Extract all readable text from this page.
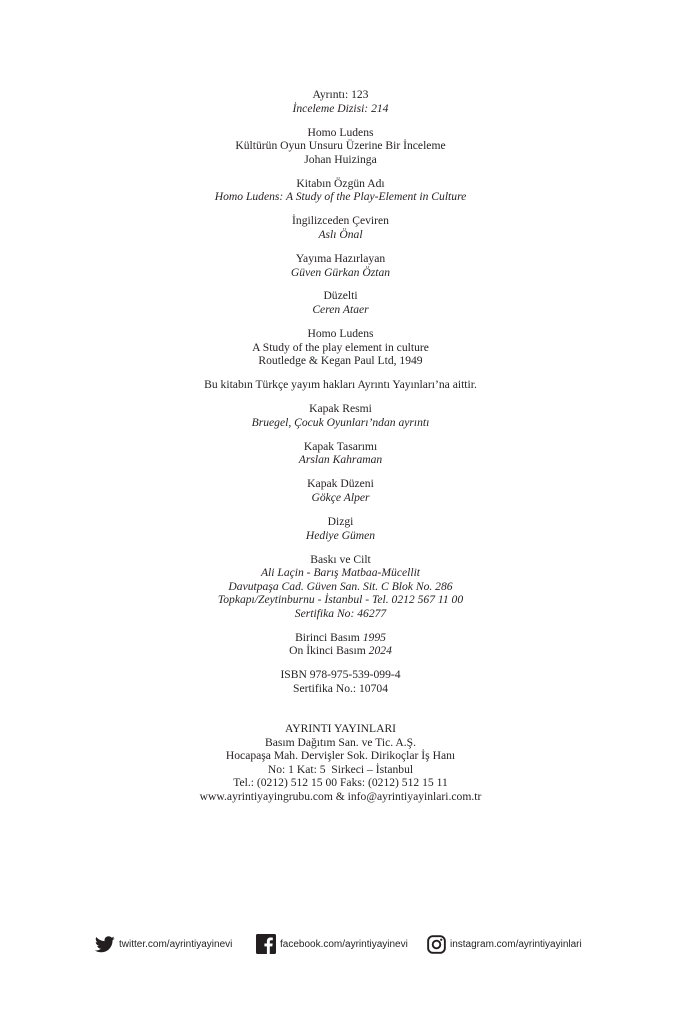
Ayrıntı: 123
İnceleme Dizisi: 214
Homo Ludens
Kültürün Oyun Unsuru Üzerine Bir İnceleme
Johan Huizinga
Kitabın Özgün Adı
Homo Ludens: A Study of the Play-Element in Culture
İngilizceden Çeviren
Aslı Önal
Yayıma Hazırlayan
Güven Gürkan Öztan
Düzelti
Ceren Ataer
Homo Ludens
A Study of the play element in culture
Routledge & Kegan Paul Ltd, 1949
Bu kitabın Türkçe yayım hakları Ayrıntı Yayınları’na aittir.
Kapak Resmi
Bruegel, Çocuk Oyunları’ndan ayrıntı
Kapak Tasarımı
Arslan Kahraman
Kapak Düzeni
Gökçe Alper
Dizgi
Hediye Gümen
Baskı ve Cilt
Ali Laçin - Barış Matbaa-Mücellit
Davutpaşa Cad. Güven San. Sit. C Blok No. 286
Topkapı/Zeytinburnu - İstanbul - Tel. 0212 567 11 00
Sertifika No: 46277
Birinci Basım 1995
On İkinci Basım 2024
ISBN 978-975-539-099-4
Sertifika No.: 10704
AYRINTI YAYINLARI
Basım Dağıtım San. ve Tic. A.Ş.
Hocapaşa Mah. Dervişler Sok. Dirikoçlar İş Hanı
No: 1 Kat: 5  Sirkeci – İstanbul
Tel.: (0212) 512 15 00 Faks: (0212) 512 15 11
www.ayrintiyayingrubu.com & info@ayrintiyayinlari.com.tr
twitter.com/ayrintiyayinevi	facebook.com/ayrintiyayinevi	instagram.com/ayrintiyayinlari
